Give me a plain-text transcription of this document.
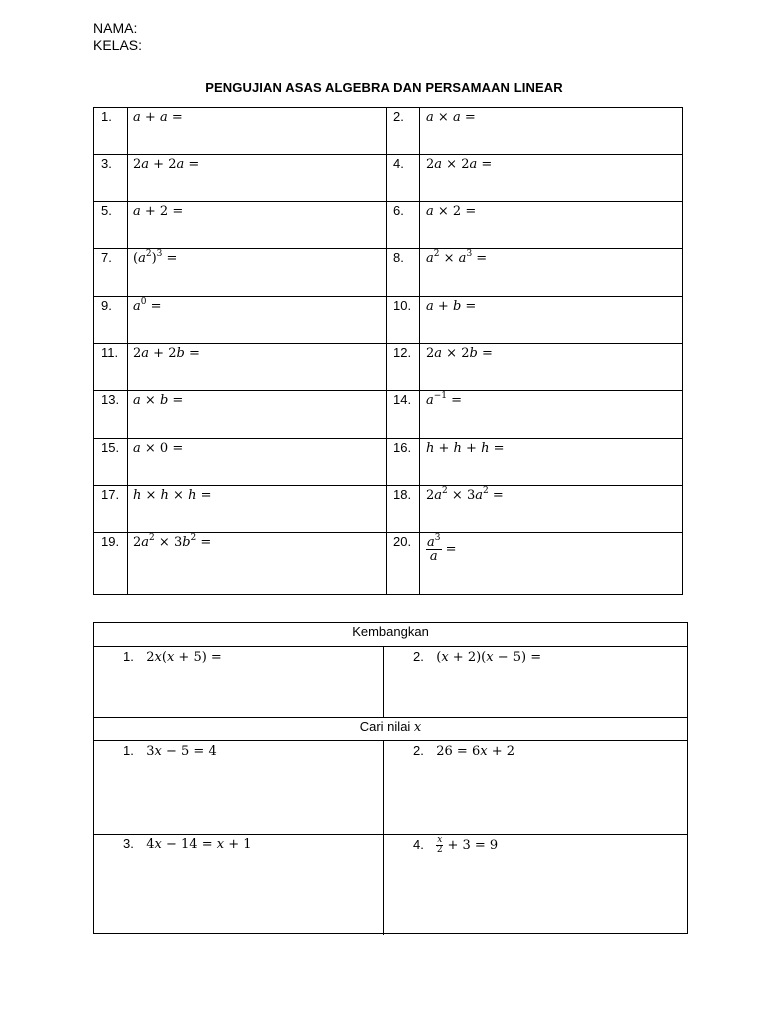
NAMA:
KELAS:
PENGUJIAN ASAS ALGEBRA DAN PERSAMAAN LINEAR
1. a + a =	2. a × a =
3. 2a + 2a =	4. 2a × 2a =
5. a + 2 =	6. a × 2 =
7. $(a^2)^3$ =	8. $a^2 \times a^3$ =
9. $a^0$ =	10. a + b =
11. 2a + 2b =	12. 2a × 2b =
13. a × b =	14. $a^{-1}$ =
15. a × 0 =	16. h + h + h =
17. h × h × h =	18. $2a^2 \times 3a^2$ =
19. $2a^2 \times 3b^2$ =	20. $\frac{a^3}{a}$ =
Kembangkan
1.   2x(x + 5) =	2.   (x + 2)(x − 5) =
Cari nilai x
1.   3x − 5 = 4	2.   26 = 6x + 2
3.   4x − 14 = x + 1	4. $\frac{x}{2} + 3 = 9$
